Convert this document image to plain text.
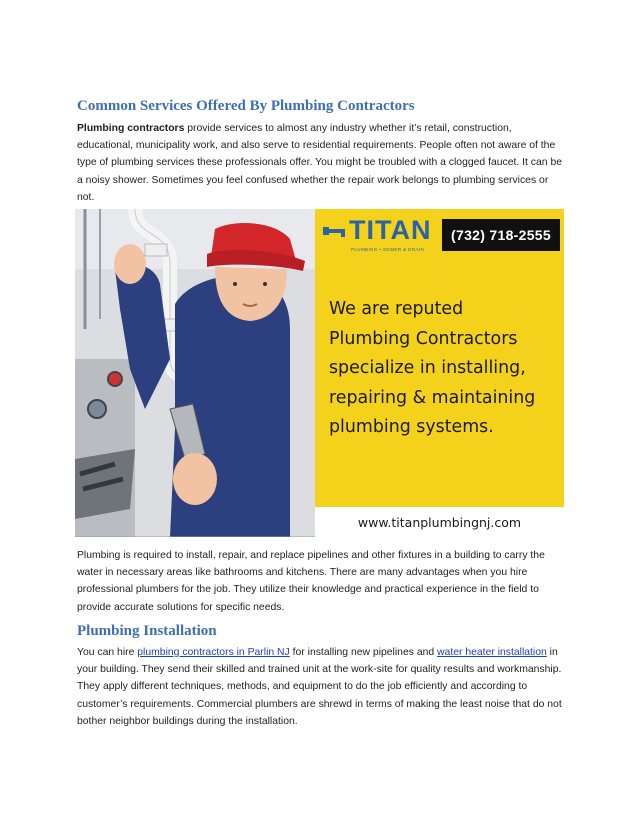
Common Services Offered By Plumbing Contractors

Plumbing contractors provide services to almost any industry whether it’s retail, construction, educational, municipality work, and also serve to residential requirements. People often not aware of the type of plumbing services these professionals offer. You might be troubled with a clogged faucet. It can be a noisy shower. Sometimes you feel confused whether the repair work belongs to plumbing services or not.

TITAN
PLUMBING • SEWER & DRAIN
(732) 718-2555
We are reputed
Plumbing Contractors
specialize in installing,
repairing & maintaining
plumbing systems.
www.titanplumbingnj.com

Plumbing is required to install, repair, and replace pipelines and other fixtures in a building to carry the water in necessary areas like bathrooms and kitchens. There are many advantages when you hire professional plumbers for the job. They utilize their knowledge and practical experience in the field to provide accurate solutions for specific needs.

Plumbing Installation

You can hire plumbing contractors in Parlin NJ for installing new pipelines and water heater installation in your building. They send their skilled and trained unit at the work-site for quality results and workmanship. They apply different techniques, methods, and equipment to do the job efficiently and according to customer’s requirements. Commercial plumbers are shrewd in terms of making the least noise that do not bother neighbor buildings during the installation.
